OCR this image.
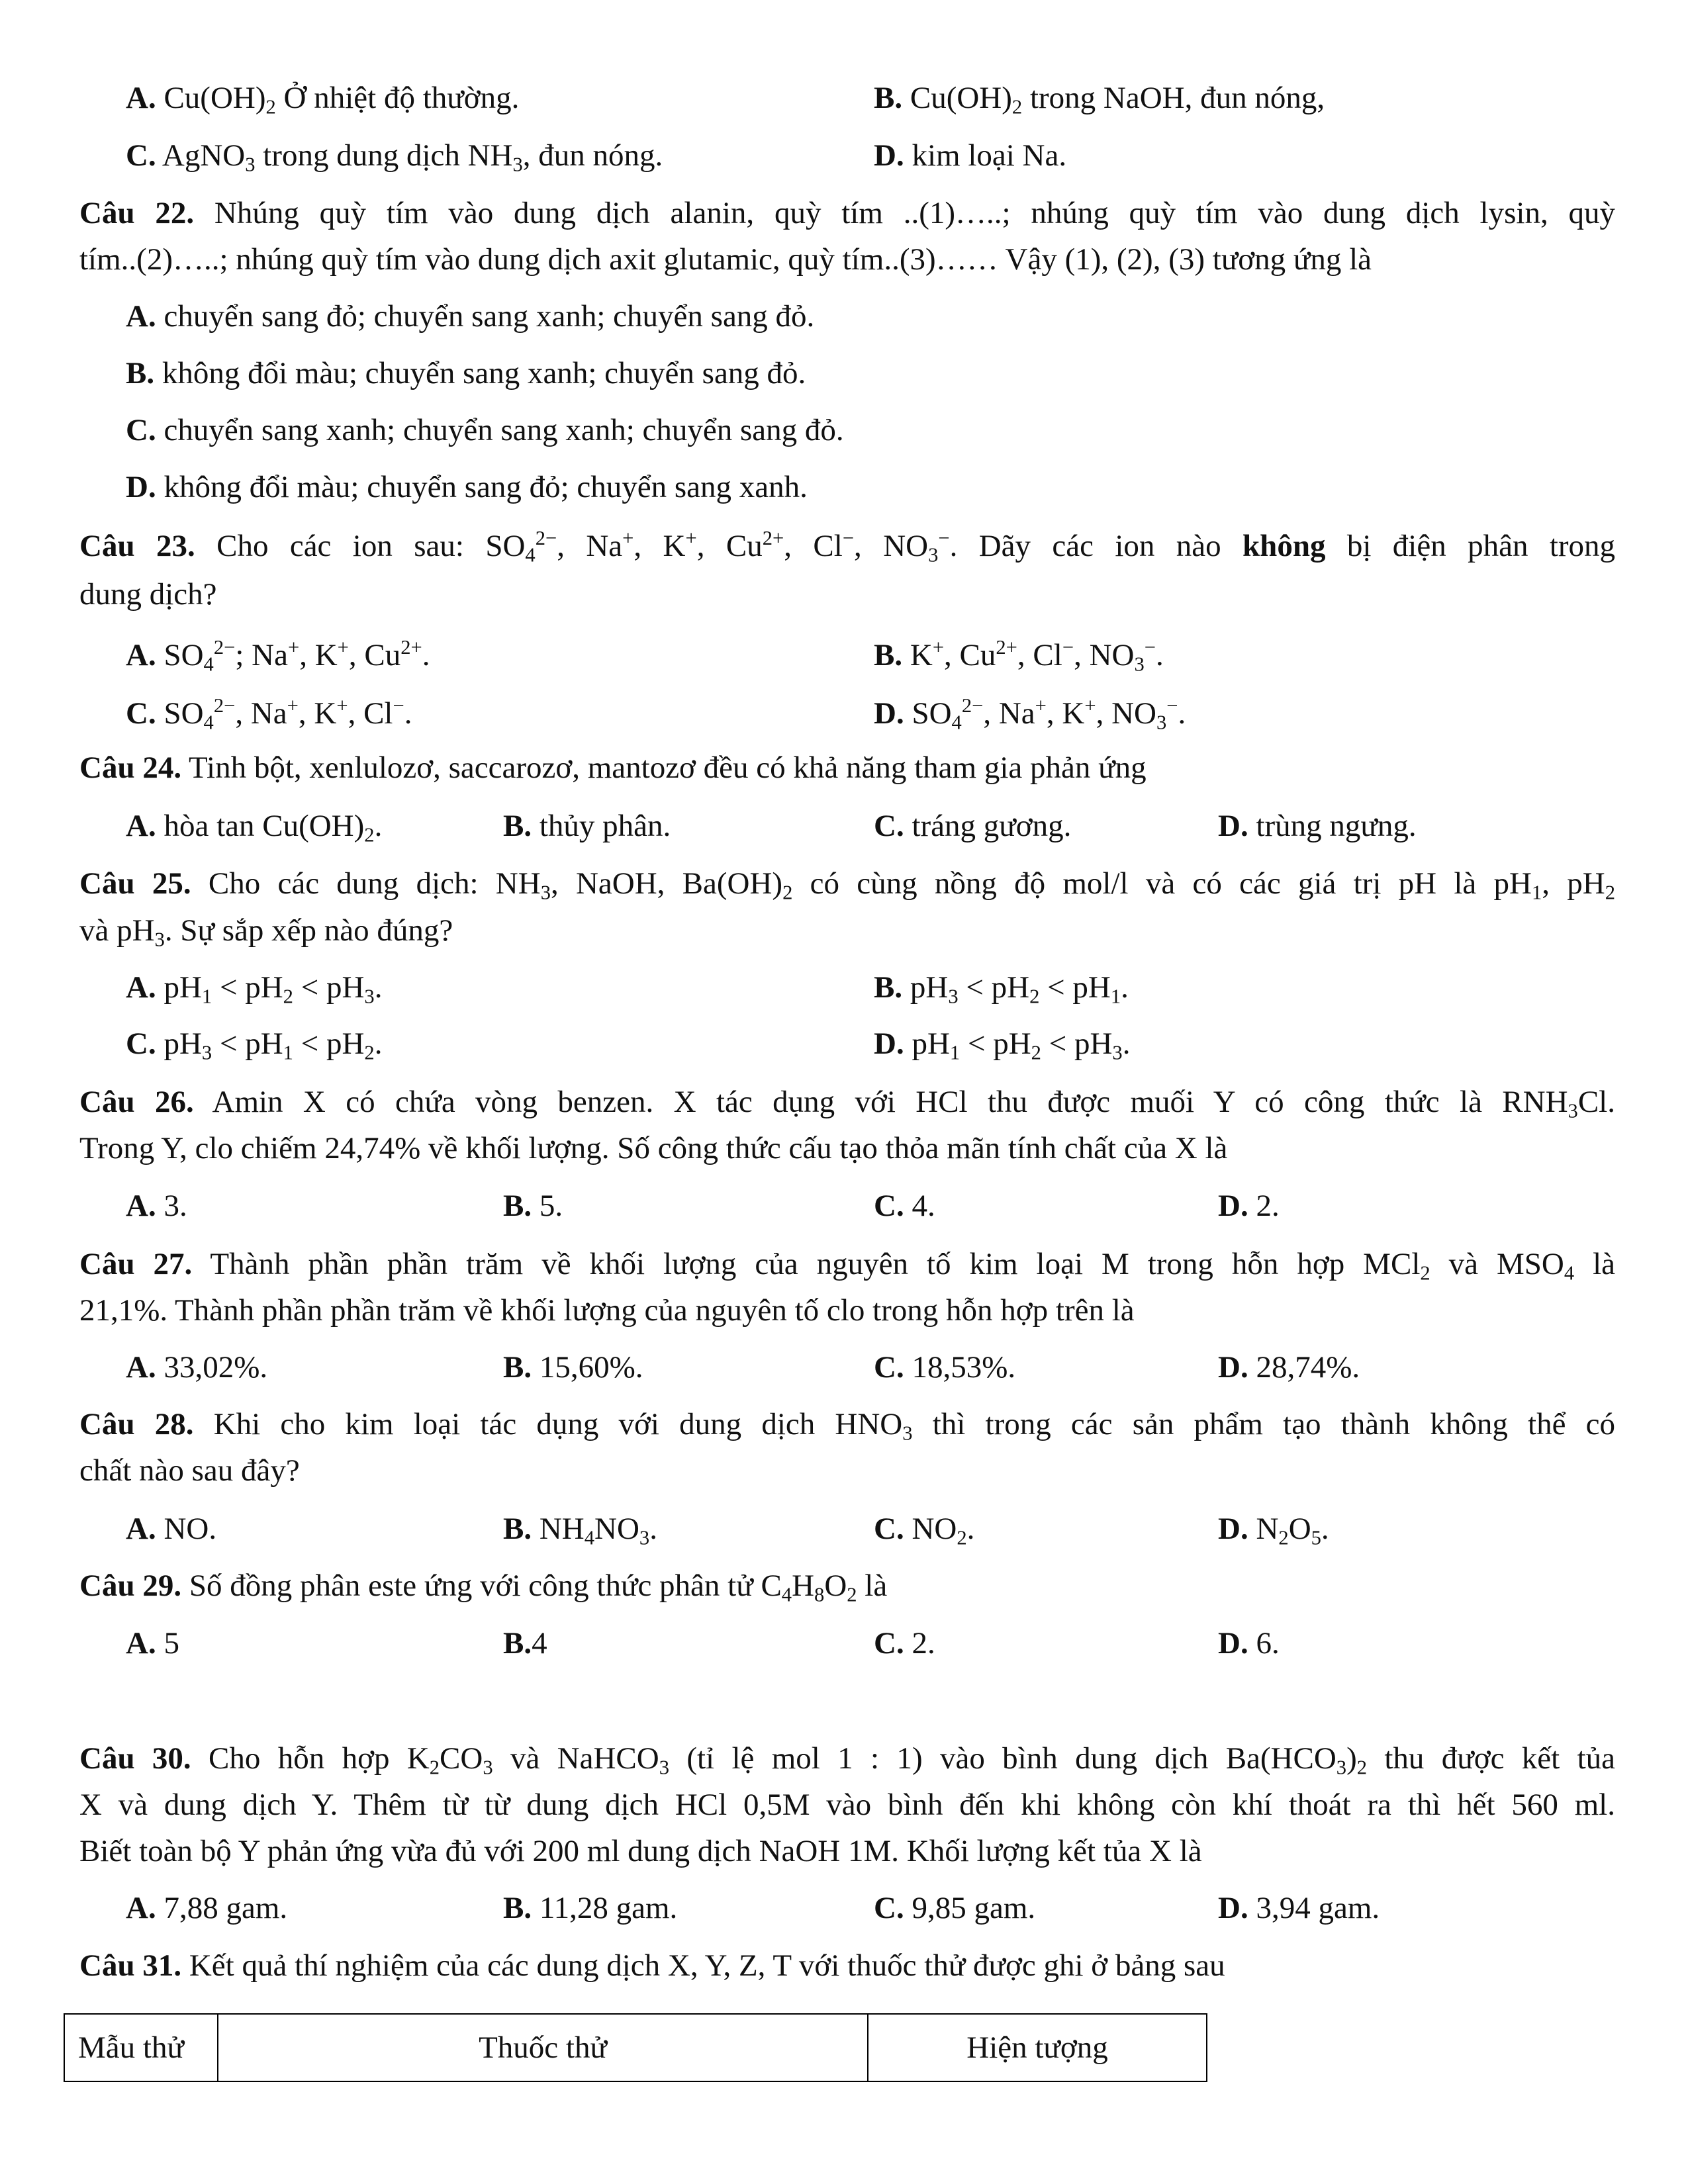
A. $Cu(OH)_2$ Ở nhiệt độ thường.	B. $Cu(OH)_2$ trong NaOH, đun nóng,
C. AgNO$_3$ trong dung dịch $NH_3$, đun nóng.	D. kim loại Na.
Câu 22. Nhúng quỳ tím vào dung dịch alanin, quỳ tím ..(1)…..; nhúng quỳ tím vào dung dịch lysin, quỳ
tím..(2)…..; nhúng quỳ tím vào dung dịch axit glutamic, quỳ tím..(3)…… Vậy (1), (2), (3) tương ứng là
A. chuyển sang đỏ; chuyển sang xanh; chuyển sang đỏ.
B. không đổi màu; chuyển sang xanh; chuyển sang đỏ.
C. chuyển sang xanh; chuyển sang xanh; chuyển sang đỏ.
D. không đổi màu; chuyển sang đỏ; chuyển sang xanh.
Câu 23. Cho các ion sau: $SO_4^{2-}$, Na+, K+, $Cu^{2+}$, Cl−, $NO_3^-$. Dãy các ion nào không bị điện phân trong
dung dịch?
A. $SO_4^{2-}$; Na+, K+, $Cu^{2+}$.	B. K+, $Cu^{2+}$, Cl−, $NO_3^-$.
C. $SO_4^{2-}$, Na+, K+, Cl−.	D. $SO_4^{2-}$, Na+, K+, $NO_3^-$.
Câu 24. Tinh bột, xenlulozơ, saccarozơ, mantozơ đều có khả năng tham gia phản ứng
A. hòa $\tan Cu(OH)_2$.	B. thủy phân.	C. tráng gương.	D. trùng ngưng.
Câu 25. Cho các dung dịch: $NH_3$, NaOH, $Ba(OH)_2$ có cùng nồng độ mol/l và có các giá trị pH là $pH_1$, $pH_2$
và $pH_3$. Sự sắp xếp nào đúng?
A. $pH_1 < pH_2 < pH_3$.	B. $pH_3 < pH_2 < pH_1$.
C. $pH_3 < pH_1 < pH_2$.	D. $pH_1 < pH_2 < pH_3$.
Câu 26. Amin X có chứa vòng benzen. X tác dụng với HCl thu được muối Y có công thức là $RNH_3Cl$.
Trong Y, clo chiếm 24,74% về khối lượng. Số công thức cấu tạo thỏa mãn tính chất của X là
A. 3.	B. 5.	C. 4.	D. 2.
Câu 27. Thành phần phần trăm về khối lượng của nguyên tố kim loại M trong hỗn hợp MCl$_2$ và $MSO_4$ là
21,1%. Thành phần phần trăm về khối lượng của nguyên tố clo trong hỗn hợp trên là
A. 33,02%.	B. 15,60%.	C. 18,53%.	D. 28,74%.
Câu 28. Khi cho kim loại tác dụng với dung dịch $HNO_3$ thì trong các sản phẩm tạo thành không thể có
chất nào sau đây?
A. NO.	B. $NH_4NO_3$.	C. $NO_2$.	D. $N_2O_5$.
Câu 29. Số đồng phân este ứng với công thức phân tử $C_4H_8O_2$ là
A. 5	B.4	C. 2.	D. 6.
Câu 30. Cho hỗn hợp $K_2CO_3$ và NaHCO$_3$ (tỉ lệ mol 1 : 1) vào bình dung dịch $Ba(HCO_3)_2$ thu được kết tủa
X và dung dịch Y. Thêm từ từ dung dịch HCl 0,5M vào bình đến khi không còn khí thoát ra thì hết 560 ml.
Biết toàn bộ Y phản ứng vừa đủ với 200 ml dung dịch NaOH 1M. Khối lượng kết tủa X là
A. 7,88 gam.	B. 11,28 gam.	C. 9,85 gam.	D. 3,94 gam.
Câu 31. Kết quả thí nghiệm của các dung dịch X, Y, Z, T với thuốc thử được ghi ở bảng sau
Mẫu thử	Thuốc thử	Hiện tượng
